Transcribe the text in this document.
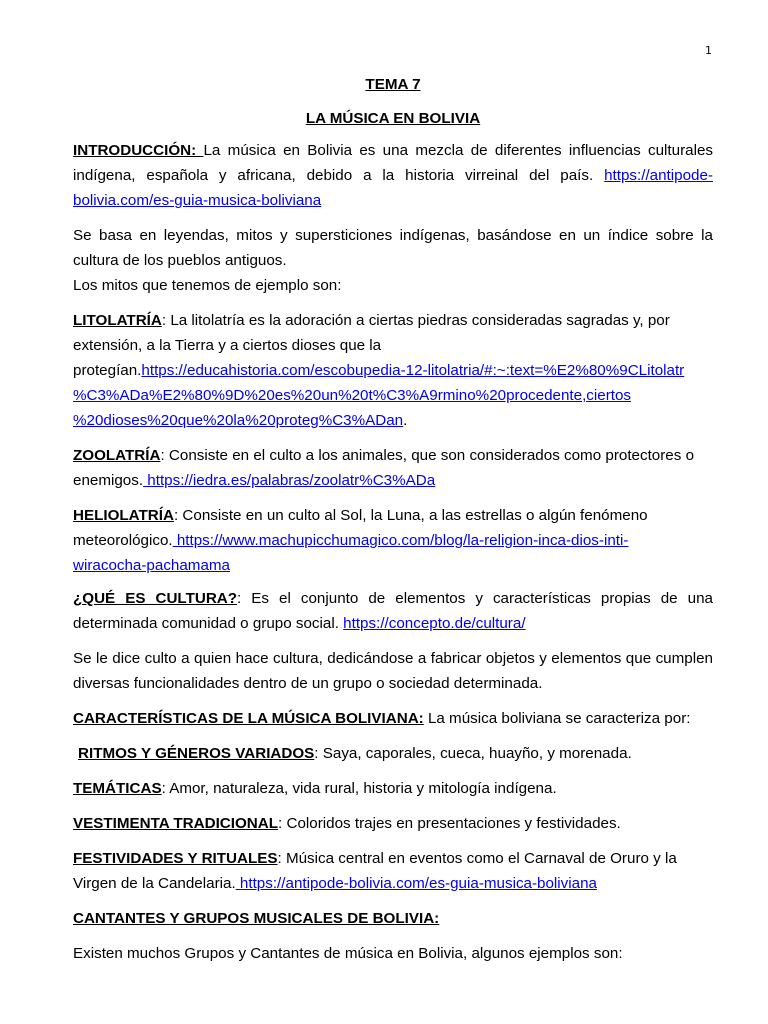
1

TEMA 7

LA MÚSICA EN BOLIVIA

INTRODUCCIÓN: La música en Bolivia es una mezcla de diferentes influencias culturales indígena, española y africana, debido a la historia virreinal del país. https://antipode-bolivia.com/es-guia-musica-boliviana

Se basa en leyendas, mitos y supersticiones indígenas, basándose en un índice sobre la cultura de los pueblos antiguos.

Los mitos que tenemos de ejemplo son:

LITOLATRÍA: La litolatría es la adoración a ciertas piedras consideradas sagradas y, por extensión, a la Tierra y a ciertos dioses que la protegían.https://educahistoria.com/escobupedia-12-litolatria/#:~:text=%E2%80%9CLitolatr
%C3%ADa%E2%80%9D%20es%20un%20t%C3%A9rmino%20procedente,ciertos
%20dioses%20que%20la%20proteg%C3%ADan.

ZOOLATRÍA: Consiste en el culto a los animales, que son considerados como protectores o enemigos. https://iedra.es/palabras/zoolatr%C3%ADa

HELIOLATRÍA: Consiste en un culto al Sol, la Luna, a las estrellas o algún fenómeno meteorológico. https://www.machupicchumagico.com/blog/la-religion-inca-dios-inti-
wiracocha-pachamama

¿QUÉ ES CULTURA?: Es el conjunto de elementos y características propias de una determinada comunidad o grupo social. https://concepto.de/cultura/

Se le dice culto a quien hace cultura, dedicándose a fabricar objetos y elementos que cumplen diversas funcionalidades dentro de un grupo o sociedad determinada.

CARACTERÍSTICAS DE LA MÚSICA BOLIVIANA: La música boliviana se caracteriza por:

RITMOS Y GÉNEROS VARIADOS: Saya, caporales, cueca, huayño, y morenada.

TEMÁTICAS: Amor, naturaleza, vida rural, historia y mitología indígena.

VESTIMENTA TRADICIONAL: Coloridos trajes en presentaciones y festividades.

FESTIVIDADES Y RITUALES: Música central en eventos como el Carnaval de Oruro y la Virgen de la Candelaria. https://antipode-bolivia.com/es-guia-musica-boliviana

CANTANTES Y GRUPOS MUSICALES DE BOLIVIA:

Existen muchos Grupos y Cantantes de música en Bolivia, algunos ejemplos son:
